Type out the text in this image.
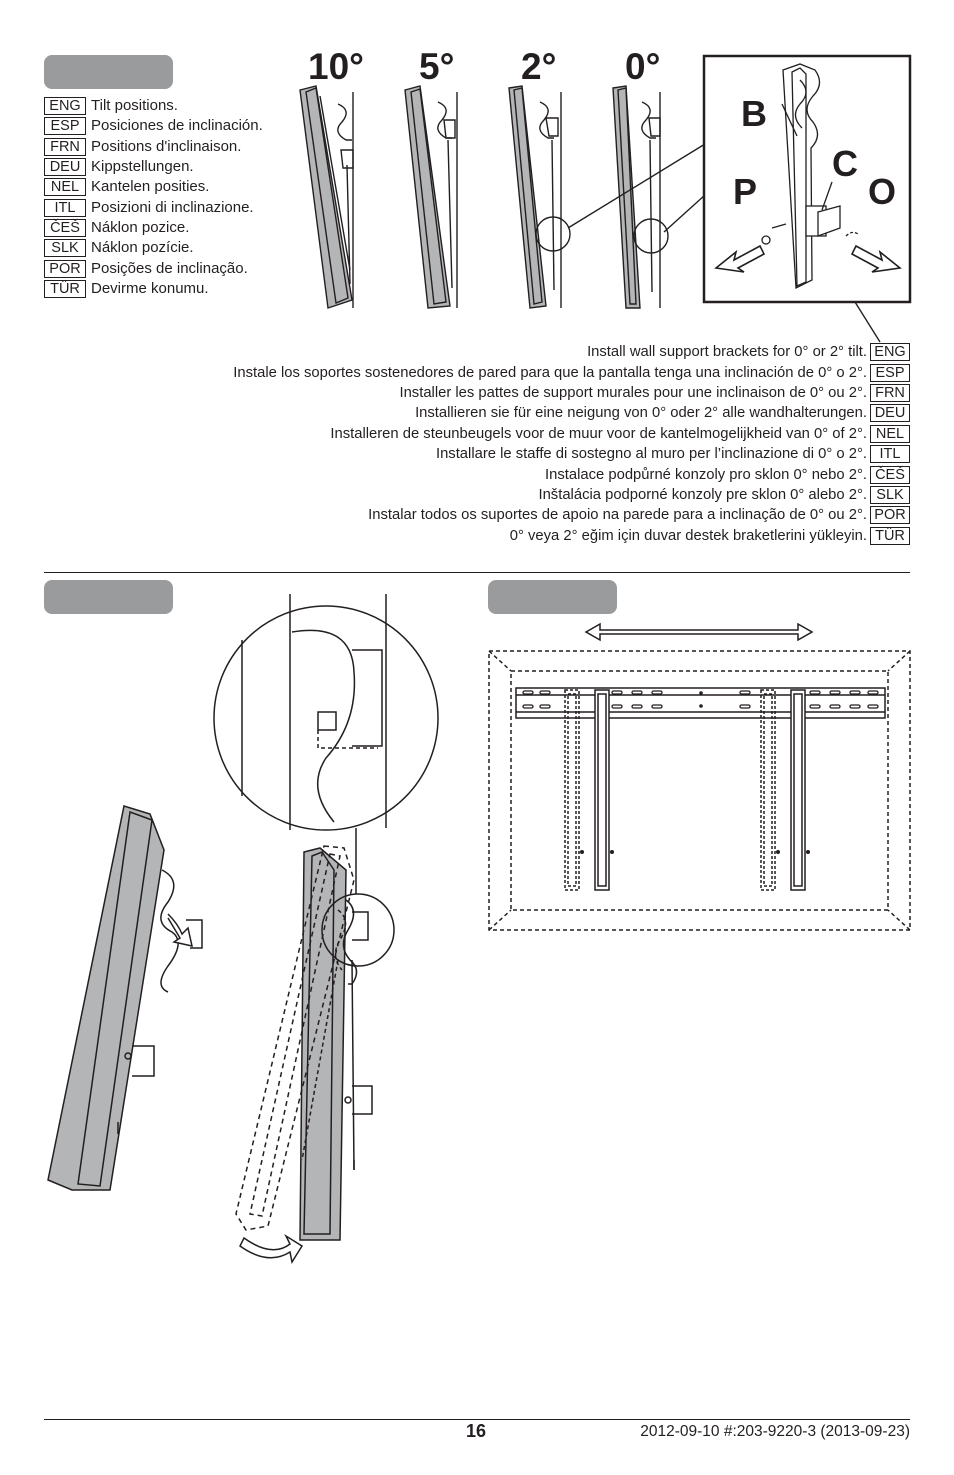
ENG Tilt positions.
ESP Posiciones de inclinación.
FRN Positions d'inclinaison.
DEU Kippstellungen.
NEL Kantelen posities.
ITL	Posizioni di inclinazione.
ČEŠ Náklon pozice.
SLK Náklon pozície.
POR Posições de inclinação.
TÜR Devirme konumu.
10° 5° 2° 0°
B
C
P	O
Install wall support brackets for 0° or 2° tilt. ENG
Instale los soportes sostenedores de pared para que la pantalla tenga una inclinación de 0° o 2°. ESP
Installer les pattes de support murales pour une inclinaison de 0° ou 2°. FRN
Installieren sie für eine neigung von 0° oder 2° alle wandhalterungen. DEU
Installeren de steunbeugels voor de muur voor de kantelmogelijkheid van 0° of 2°. NEL
Installare le staffe di sostegno al muro per l’inclinazione di 0° o 2°. ITL
Instalace podpůrné konzoly pro sklon 0° nebo 2°. ČEŠ
Inštalácia podporné konzoly pre sklon 0° alebo 2°. SLK
Instalar todos os suportes de apoio na parede para a inclinação de 0° ou 2°. POR
0° veya 2° eğim için duvar destek braketlerini yükleyin. TÜR
16	2012-09-10 #:203-9220-3 (2013-09-23)
